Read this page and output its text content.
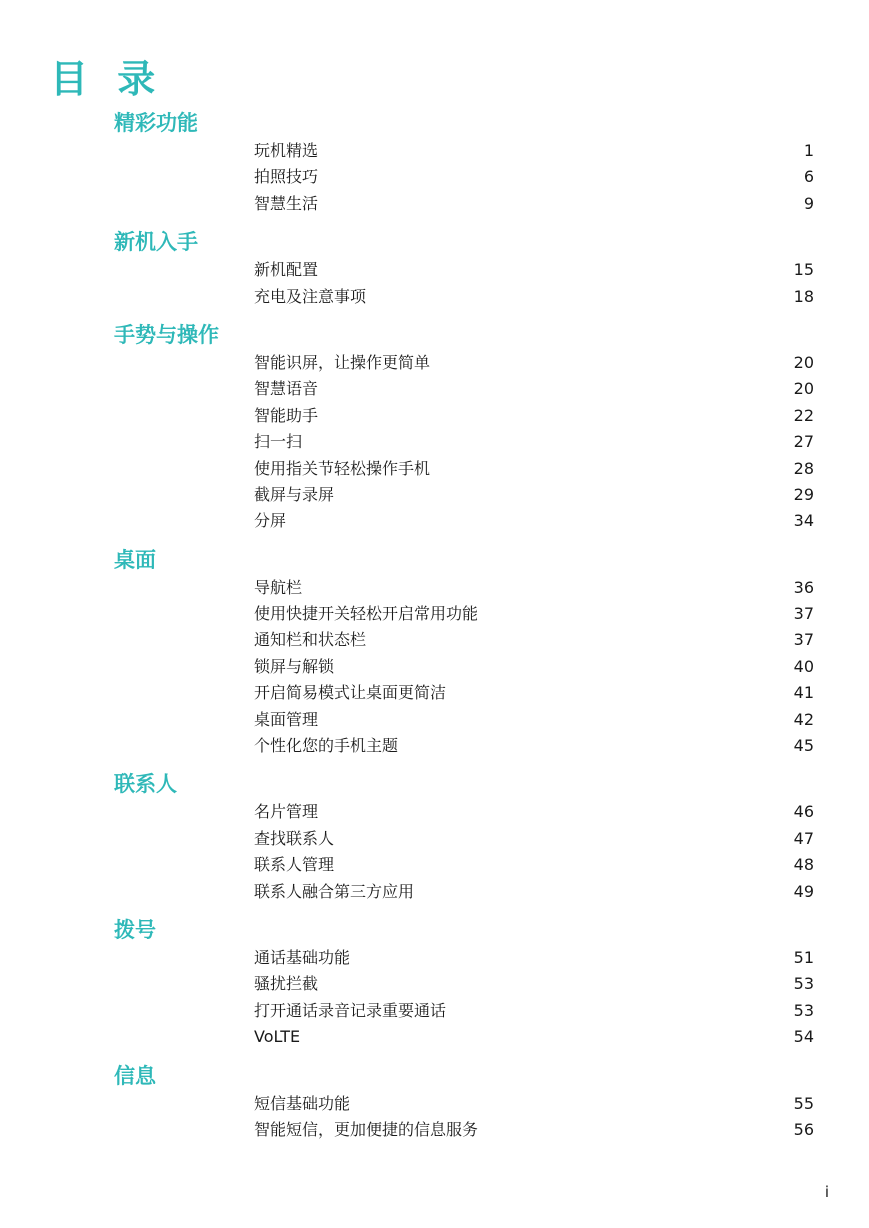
目 录
精彩功能
玩机精选	1
拍照技巧	6
智慧生活	9
新机入手
新机配置	15
充电及注意事项	18
手势与操作
智能识屏，让操作更简单	20
智慧语音	20
智能助手	22
扫一扫	27
使用指关节轻松操作手机	28
截屏与录屏	29
分屏	34
桌面
导航栏	36
使用快捷开关轻松开启常用功能	37
通知栏和状态栏	37
锁屏与解锁	40
开启简易模式让桌面更简洁	41
桌面管理	42
个性化您的手机主题	45
联系人
名片管理	46
查找联系人	47
联系人管理	48
联系人融合第三方应用	49
拨号
通话基础功能	51
骚扰拦截	53
打开通话录音记录重要通话	53
VoLTE	54
信息
短信基础功能	55
智能短信，更加便捷的信息服务	56
i
